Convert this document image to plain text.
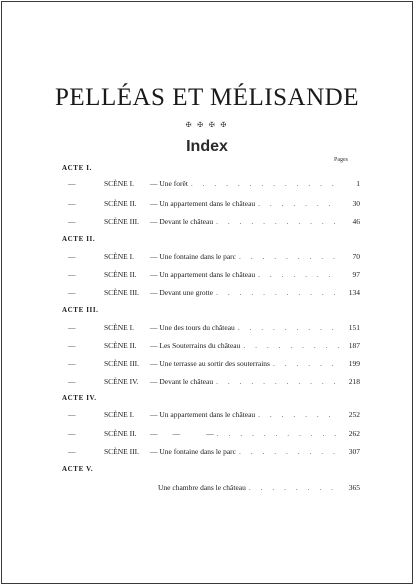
PELLÉAS ET MÉLISANDE
✠ ✠ ✠ ✠
Index
Pages
ACTE I.
—	SCÈNE I.	— Une forêt . . .	1
—	SCÈNE II.	— Un appartement dans le château . . .	30
—	SCÈNE III.	— Devant le château . . .	46
ACTE II.
—	SCÈNE I.	— Une fontaine dans le parc . . .	70
—	SCÈNE II.	— Un appartement dans le château . . .	97
—	SCÈNE III.	— Devant une grotte . . .	134
ACTE III.
—	SCÈNE I.	— Une des tours du château . . .	151
—	SCÈNE II.	— Les Souterrains du château . . .	187
—	SCÈNE III.	— Une terrasse au sortir des souterrains . . .	199
—	SCÈNE IV.	— Devant le château . . .	218
ACTE IV.
—	SCÈNE I.	— Un appartement dans le château . . .	252
—	SCÈNE II.	—        —              — . . .	262
—	SCÈNE III.	— Une fontaine dans le parc . . .	307
ACTE V.
Une chambre dans le château . . .	365
